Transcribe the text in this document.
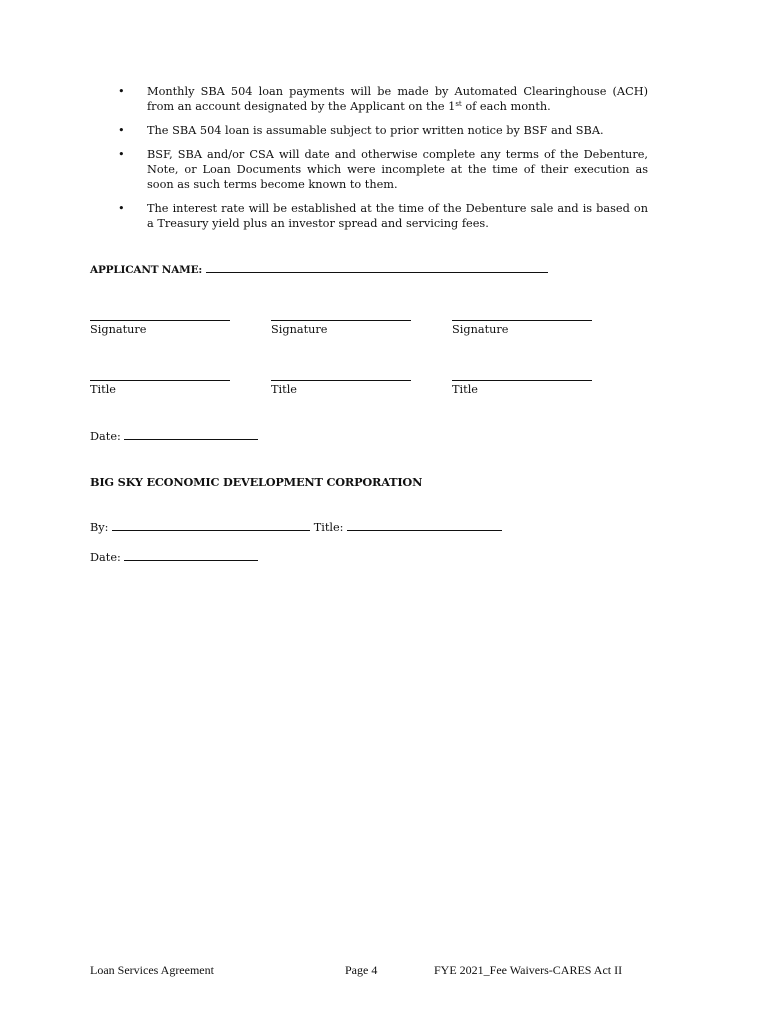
• Monthly SBA 504 loan payments will be made by Automated Clearinghouse (ACH) from an account designated by the Applicant on the 1st of each month.
• The SBA 504 loan is assumable subject to prior written notice by BSF and SBA.
• BSF, SBA and/or CSA will date and otherwise complete any terms of the Debenture, Note, or Loan Documents which were incomplete at the time of their execution as soon as such terms become known to them.
• The interest rate will be established at the time of the Debenture sale and is based on a Treasury yield plus an investor spread and servicing fees.
APPLICANT NAME:
Signature	Signature	Signature
Title	Title	Title
Date:
BIG SKY ECONOMIC DEVELOPMENT CORPORATION
By:	Title:
Date:
Loan Services Agreement	Page 4	FYE 2021_Fee Waivers-CARES Act II
